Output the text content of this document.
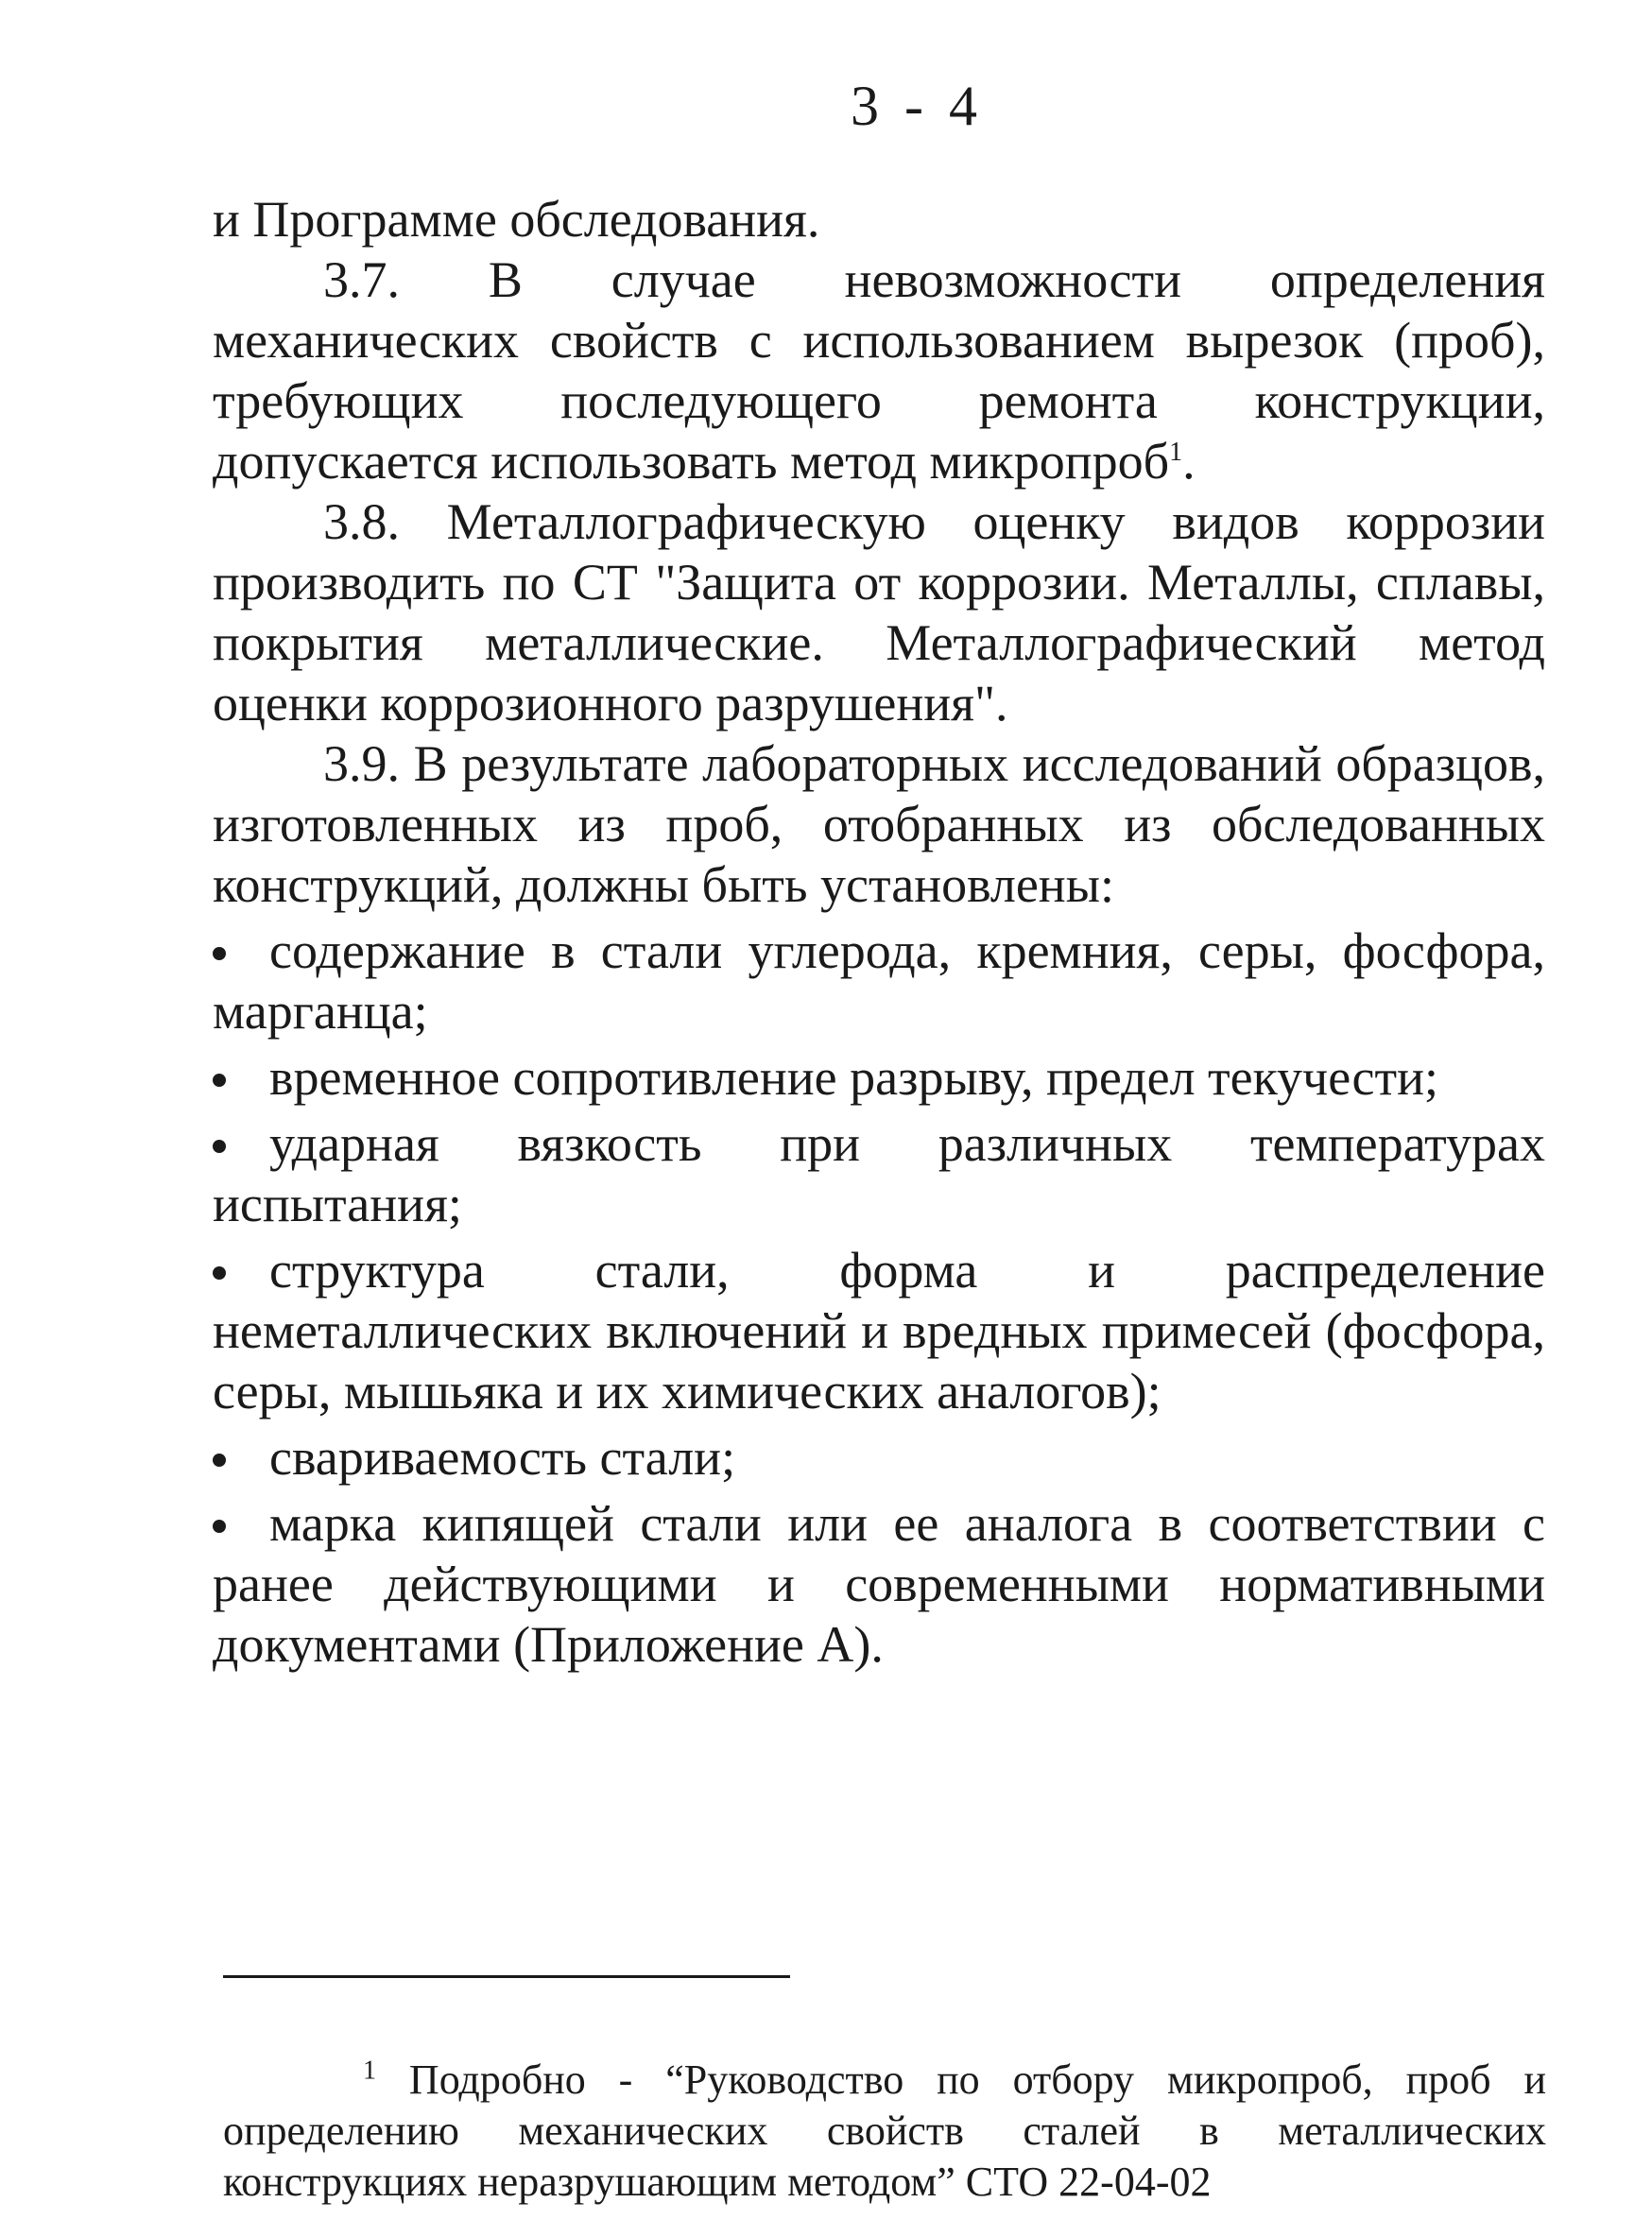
3 - 4

и Программе обследования.

3.7. В случае невозможности определения механических свойств с использованием вырезок (проб), требующих последующего ремонта конструкции, допускается использовать метод микропроб$^1$.

3.8. Металлографическую оценку видов коррозии производить по СТ "Защита от коррозии. Металлы, сплавы, покрытия металлические. Металлографический метод оценки коррозионного разрушения".

3.9. В результате лабораторных исследований образцов, изготовленных из проб, отобранных из обследованных конструкций, должны быть установлены:

содержание в стали углерода, кремния, серы, фосфора, марганца;
временное сопротивление разрыву, предел текучести;
ударная вязкость при различных температурах испытания;
структура стали, форма и распределение неметаллических включений и вредных примесей (фосфора, серы, мышьяка и их химических аналогов);
свариваемость стали;
марка кипящей стали или ее аналога в соответствии с ранее действующими и современными нормативными документами (Приложение А).

$^1$ Подробно - “Руководство по отбору микропроб, проб и определению механических свойств сталей в металлических конструкциях неразрушающим методом” СТО 22-04-02
